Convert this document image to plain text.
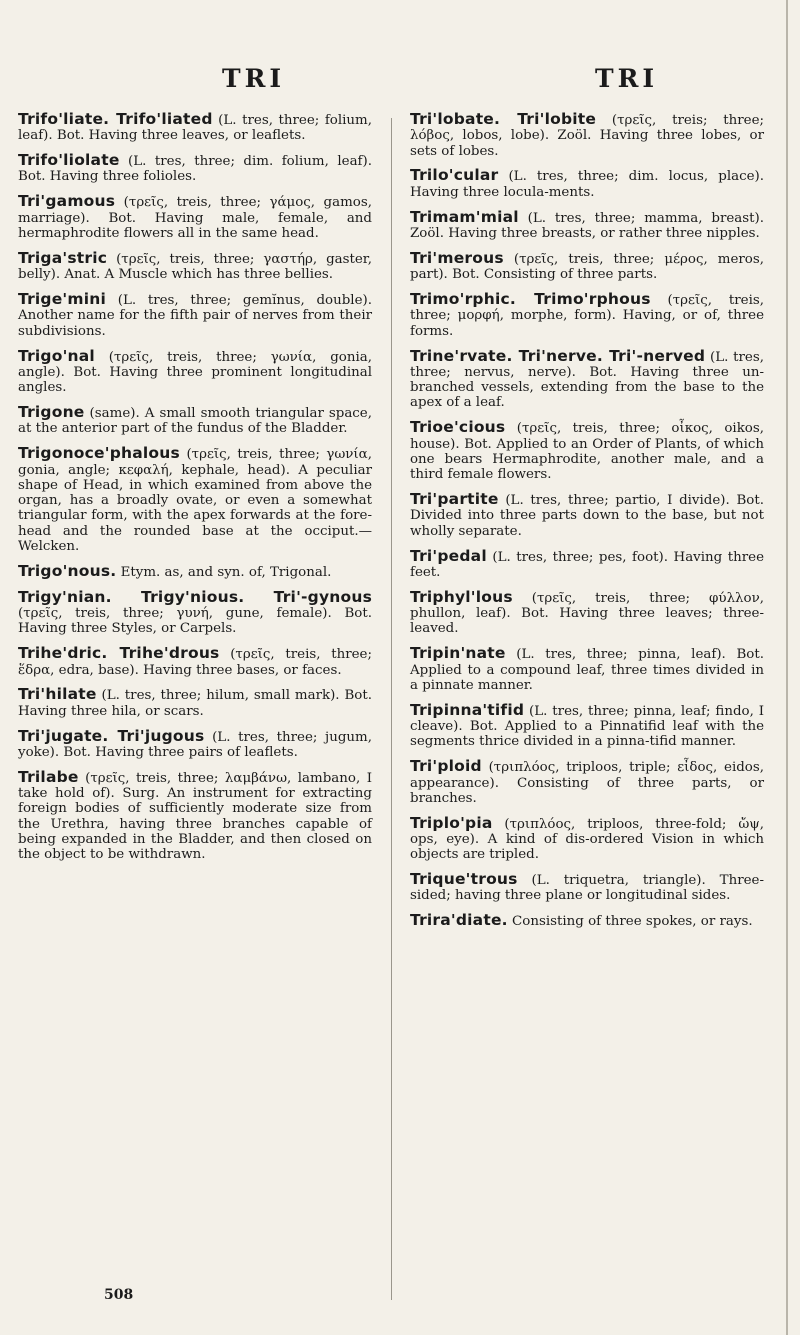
TRI	TRI

Trifo'liate. Trifo'liated (L. tres, three; folium, leaf). Bot. Having three leaves, or leaflets.

Trifo'liolate (L. tres, three; dim. folium, leaf). Bot. Having three folioles.

Tri'gamous (τρεῖς, treis, three; γάμος, gamos, marriage). Bot. Having male, female, and hermaphrodite flowers all in the same head.

Triga'stric (τρεῖς, treis, three; γαστήρ, gaster, belly). Anat. A Muscle which has three bellies.

Trige'mini (L. tres, three; gemĭnus, double). Another name for the fifth pair of nerves from their subdivisions.

Trigo'nal (τρεῖς, treis, three; γωνία, gonia, angle). Bot. Having three prominent longitudinal angles.

Trigone (same). A small smooth triangular space, at the anterior part of the fundus of the Bladder.

Trigonoce'phalous (τρεῖς, treis, three; γωνία, gonia, angle; κεφαλή, kephale, head). A peculiar shape of Head, in which examined from above the organ, has a broadly ovate, or even a somewhat triangular form, with the apex forwards at the fore-head and the rounded base at the occiput.—Welcken.

Trigo'nous. Etym. as, and syn. of, Trigonal.

Trigy'nian. Trigy'nious. Tri'-gynous (τρεῖς, treis, three; γυνή, gune, female). Bot. Having three Styles, or Carpels.

Trihe'dric. Trihe'drous (τρεῖς, treis, three; ἕδρα, edra, base). Having three bases, or faces.

Tri'hilate (L. tres, three; hilum, small mark). Bot. Having three hila, or scars.

Tri'jugate. Tri'jugous (L. tres, three; jugum, yoke). Bot. Having three pairs of leaflets.

Trilabe (τρεῖς, treis, three; λαμβάνω, lambano, I take hold of). Surg. An instrument for extracting foreign bodies of sufficiently moderate size from the Urethra, having three branches capable of being expanded in the Bladder, and then closed on the object to be withdrawn.

Tri'lobate. Tri'lobite (τρεῖς, treis; three; λόβος, lobos, lobe). Zoöl. Having three lobes, or sets of lobes.

Trilo'cular (L. tres, three; dim. locus, place). Having three locula-ments.

Trimam'mial (L. tres, three; mamma, breast). Zoöl. Having three breasts, or rather three nipples.

Tri'merous (τρεῖς, treis, three; μέρος, meros, part). Bot. Consisting of three parts.

Trimo'rphic. Trimo'rphous (τρεῖς, treis, three; μορφή, morphe, form). Having, or of, three forms.

Trine'rvate. Tri'nerve. Tri'-nerved (L. tres, three; nervus, nerve). Bot. Having three un-branched vessels, extending from the base to the apex of a leaf.

Trioe'cious (τρεῖς, treis, three; οἶκος, oikos, house). Bot. Applied to an Order of Plants, of which one bears Hermaphrodite, another male, and a third female flowers.

Tri'partite (L. tres, three; partio, I divide). Bot. Divided into three parts down to the base, but not wholly separate.

Tri'pedal (L. tres, three; pes, foot). Having three feet.

Triphyl'lous (τρεῖς, treis, three; φύλλον, phullon, leaf). Bot. Having three leaves; three-leaved.

Tripin'nate (L. tres, three; pinna, leaf). Bot. Applied to a compound leaf, three times divided in a pinnate manner.

Tripinna'tifid (L. tres, three; pinna, leaf; findo, I cleave). Bot. Applied to a Pinnatifid leaf with the segments thrice divided in a pinna-tifid manner.

Tri'ploid (τριπλόος, triploos, triple; εἶδος, eidos, appearance). Consisting of three parts, or branches.

Triplo'pia (τριπλόος, triploos, three-fold; ὤψ, ops, eye). A kind of dis-ordered Vision in which objects are tripled.

Trique'trous (L. triquetra, triangle). Three-sided; having three plane or longitudinal sides.

Trira'diate. Consisting of three spokes, or rays.

508
